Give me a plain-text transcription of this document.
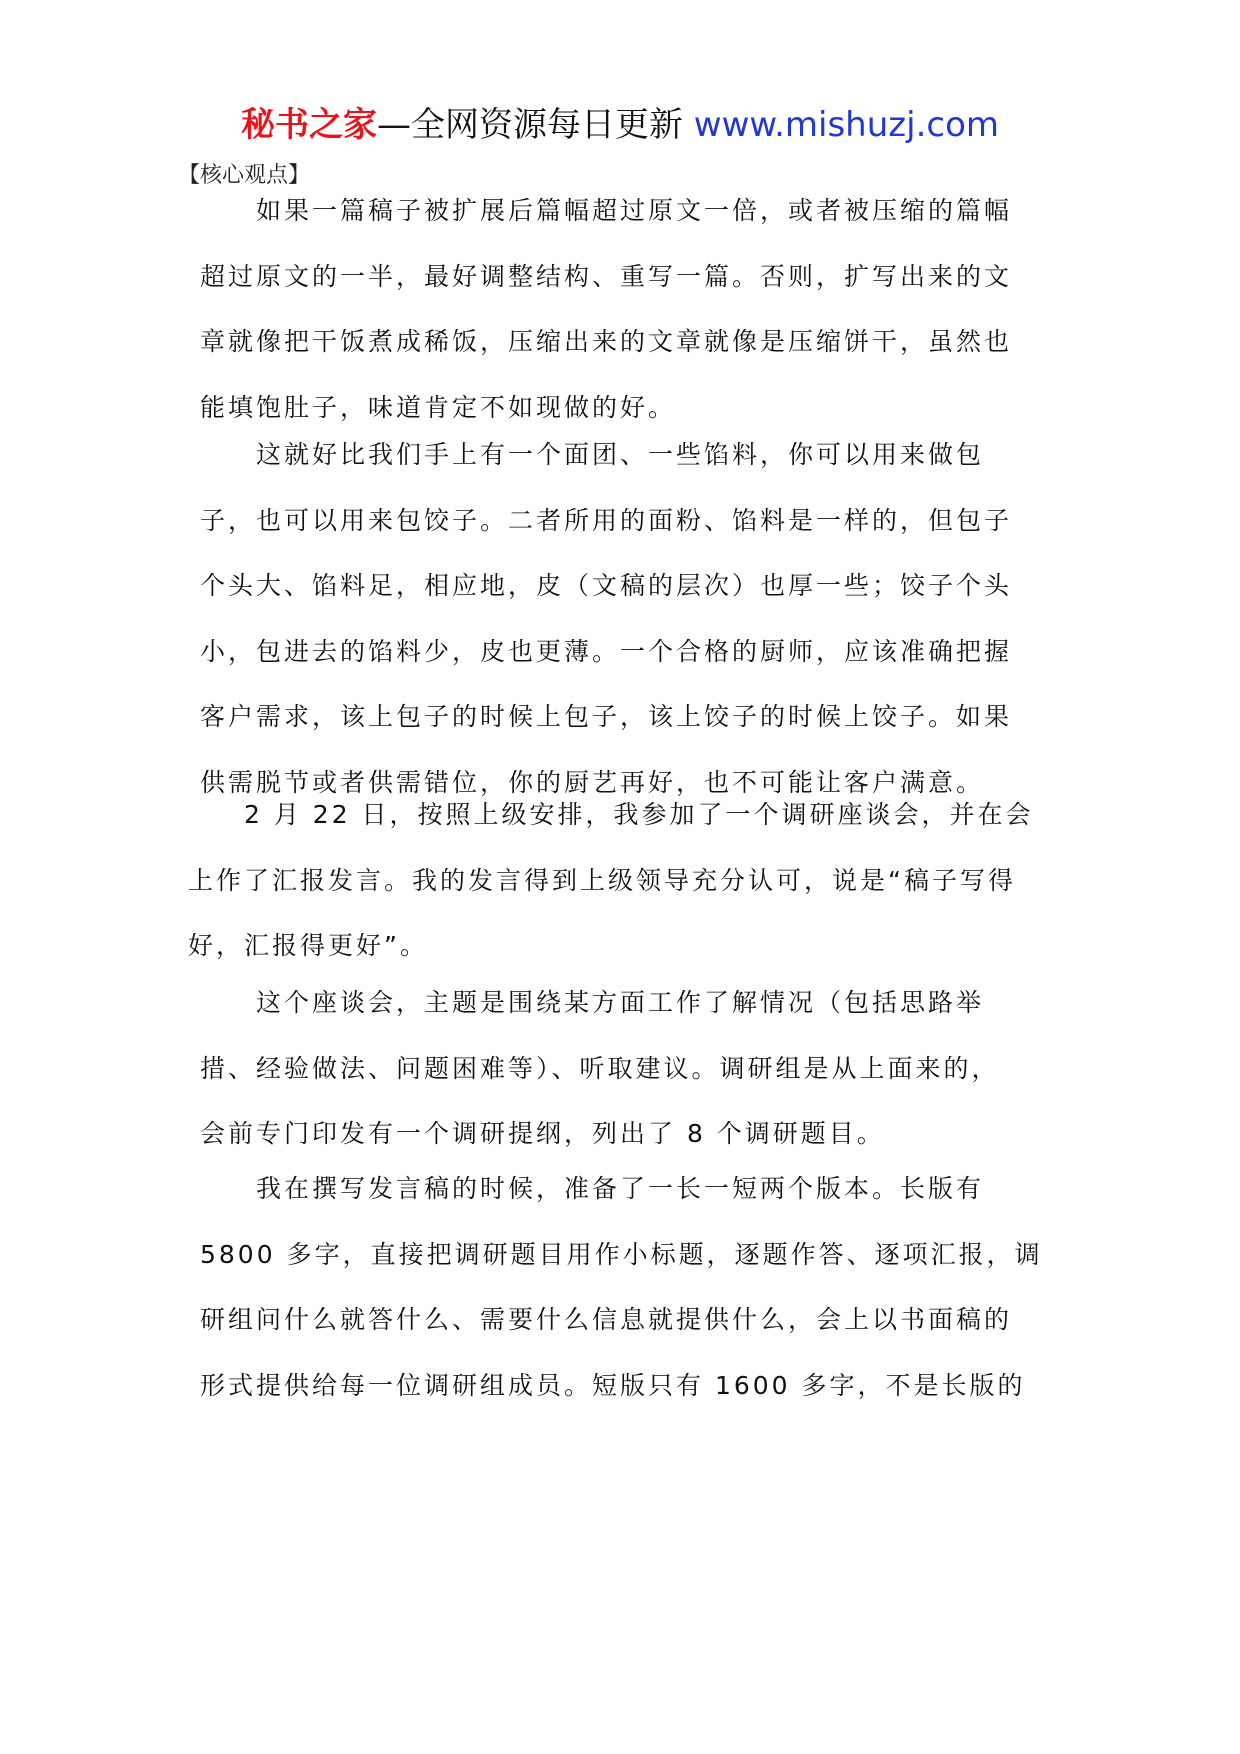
秘书之家—全网资源每日更新 www.mishuzj.com
【核心观点】

　　如果一篇稿子被扩展后篇幅超过原文一倍，或者被压缩的篇幅
超过原文的一半，最好调整结构、重写一篇。否则，扩写出来的文
章就像把干饭煮成稀饭，压缩出来的文章就像是压缩饼干，虽然也
能填饱肚子，味道肯定不如现做的好。

　　这就好比我们手上有一个面团、一些馅料，你可以用来做包
子，也可以用来包饺子。二者所用的面粉、馅料是一样的，但包子
个头大、馅料足，相应地，皮（文稿的层次）也厚一些；饺子个头
小，包进去的馅料少，皮也更薄。一个合格的厨师，应该准确把握
客户需求，该上包子的时候上包子，该上饺子的时候上饺子。如果
供需脱节或者供需错位，你的厨艺再好，也不可能让客户满意。

　　2 月 22 日，按照上级安排，我参加了一个调研座谈会，并在会
上作了汇报发言。我的发言得到上级领导充分认可，说是“稿子写得
好，汇报得更好”。

　　这个座谈会，主题是围绕某方面工作了解情况（包括思路举
措、经验做法、问题困难等）、听取建议。调研组是从上面来的，
会前专门印发有一个调研提纲，列出了 8 个调研题目。

　　我在撰写发言稿的时候，准备了一长一短两个版本。长版有
5800 多字，直接把调研题目用作小标题，逐题作答、逐项汇报，调
研组问什么就答什么、需要什么信息就提供什么，会上以书面稿的
形式提供给每一位调研组成员。短版只有 1600 多字，不是长版的
